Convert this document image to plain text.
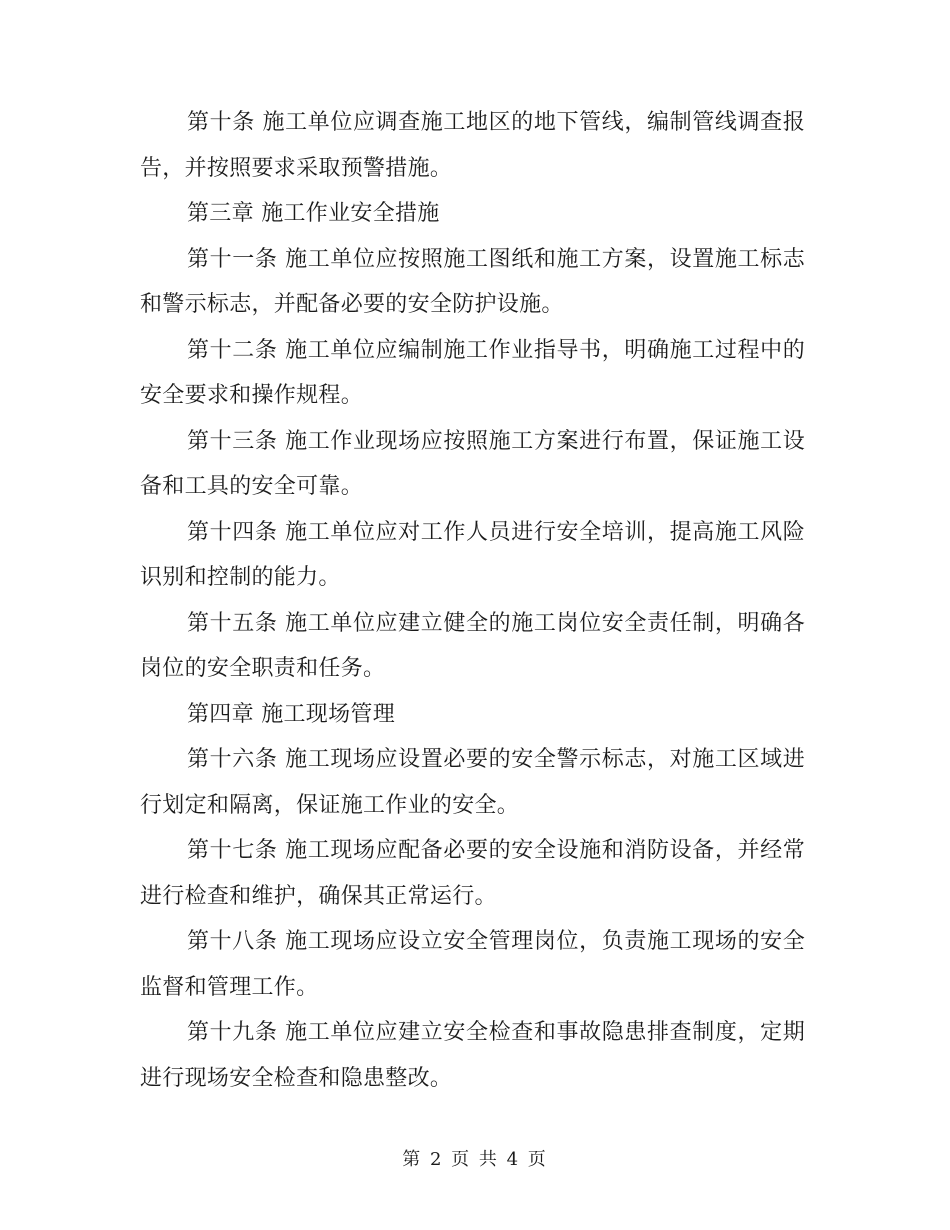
第十条 施工单位应调查施工地区的地下管线，编制管线调查报告，并按照要求采取预警措施。

第三章 施工作业安全措施

第十一条 施工单位应按照施工图纸和施工方案，设置施工标志和警示标志，并配备必要的安全防护设施。

第十二条 施工单位应编制施工作业指导书，明确施工过程中的安全要求和操作规程。

第十三条 施工作业现场应按照施工方案进行布置，保证施工设备和工具的安全可靠。

第十四条 施工单位应对工作人员进行安全培训，提高施工风险识别和控制的能力。

第十五条 施工单位应建立健全的施工岗位安全责任制，明确各岗位的安全职责和任务。

第四章 施工现场管理

第十六条 施工现场应设置必要的安全警示标志，对施工区域进行划定和隔离，保证施工作业的安全。

第十七条 施工现场应配备必要的安全设施和消防设备，并经常进行检查和维护，确保其正常运行。

第十八条 施工现场应设立安全管理岗位，负责施工现场的安全监督和管理工作。

第十九条 施工单位应建立安全检查和事故隐患排查制度，定期进行现场安全检查和隐患整改。

第 2 页 共 4 页
